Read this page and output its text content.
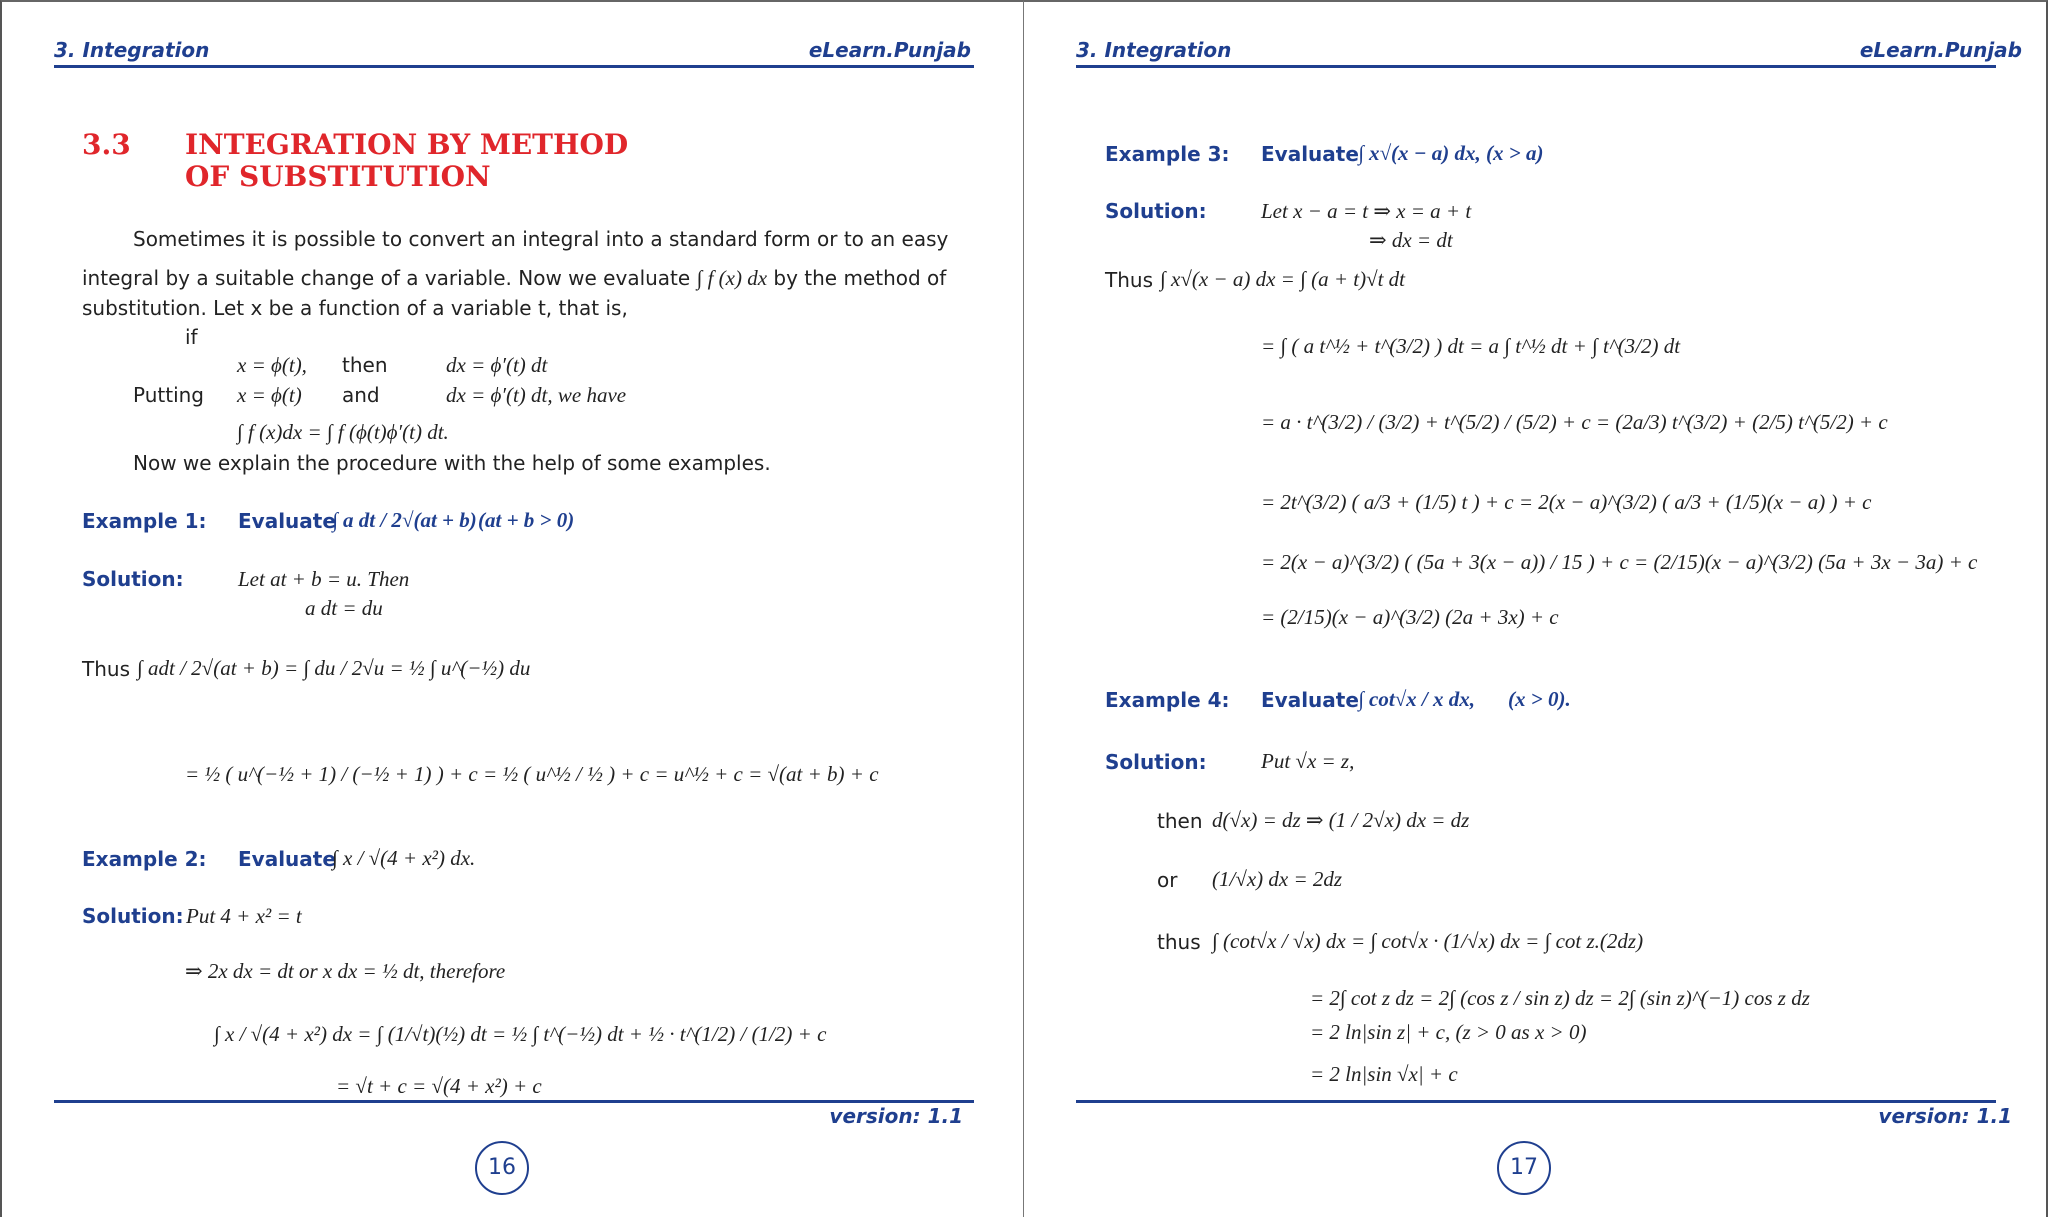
3. Integration	eLearn.Punjab
3.3 INTEGRATION BY METHOD
OF SUBSTITUTION
Sometimes it is possible to convert an integral into a standard form or to an easy
integral by a suitable change of a variable. Now we evaluate ∫ f (x) dx by the method of
substitution. Let x be a function of a variable t, that is,
if
x = ϕ(t), then	dx = ϕ′(t) dt
Putting x = ϕ(t) and	dx = ϕ′(t) dt, we have
∫ f (x)dx = ∫ f (ϕ(t)ϕ′(t) dt.
Now we explain the procedure with the help of some examples.
Example 1: Evaluate
∫ a dt / 2√(at + b) (at + b > 0)
Solution:	Let at + b = u. Then
a dt = du
Thus ∫ adt / 2√(at + b) = ∫ du / 2√u = ½ ∫ u^(−½) du
= ½ ( u^(−½ + 1) / (−½ + 1) ) + c = ½ ( u^½ / ½ ) + c = u^½ + c = √(at + b) + c
Example 2: Evaluate
∫ x / √(4 + x²) dx.
Solution: Put 4 + x² = t
⇒ 2x dx = dt or x dx = ½ dt, therefore
∫ x / √(4 + x²) dx = ∫ (1/√t)(½) dt = ½ ∫ t^(−½) dt + ½ · t^(1/2) / (1/2) + c
= √t + c = √(4 + x²) + c
version: 1.1
16
3. Integration	eLearn.Punjab
Example 3: Evaluate ∫ x√(x − a) dx, (x > a)
Solution:	Let x − a = t ⇒ x = a + t
⇒ dx = dt
Thus ∫ x√(x − a) dx = ∫ (a + t)√t dt
= ∫ ( a t^½ + t^(3/2) ) dt = a ∫ t^½ dt + ∫ t^(3/2) dt
= a · t^(3/2) / (3/2) + t^(5/2) / (5/2) + c = (2a/3) t^(3/2) + (2/5) t^(5/2) + c
= 2t^(3/2) ( a/3 + (1/5) t ) + c = 2(x − a)^(3/2) ( a/3 + (1/5)(x − a) ) + c
= 2(x − a)^(3/2) ( (5a + 3(x − a)) / 15 ) + c = (2/15)(x − a)^(3/2) (5a + 3x − 3a) + c
= (2/15)(x − a)^(3/2) (2a + 3x) + c
Example 4: Evaluate ∫ cot√x / x dx, (x > 0).
Solution:	Put √x = z,
then d(√x) = dz ⇒ (1 / 2√x) dx = dz
or (1/√x) dx = 2dz
thus ∫ (cot√x / √x) dx = ∫ cot√x · (1/√x) dx = ∫ cot z.(2dz)
= 2∫ cot z dz = 2∫ (cos z / sin z) dz = 2∫ (sin z)^(−1) cos z dz
= 2 ln|sin z| + c, (z > 0 as x > 0)
= 2 ln|sin √x| + c
version: 1.1
17
